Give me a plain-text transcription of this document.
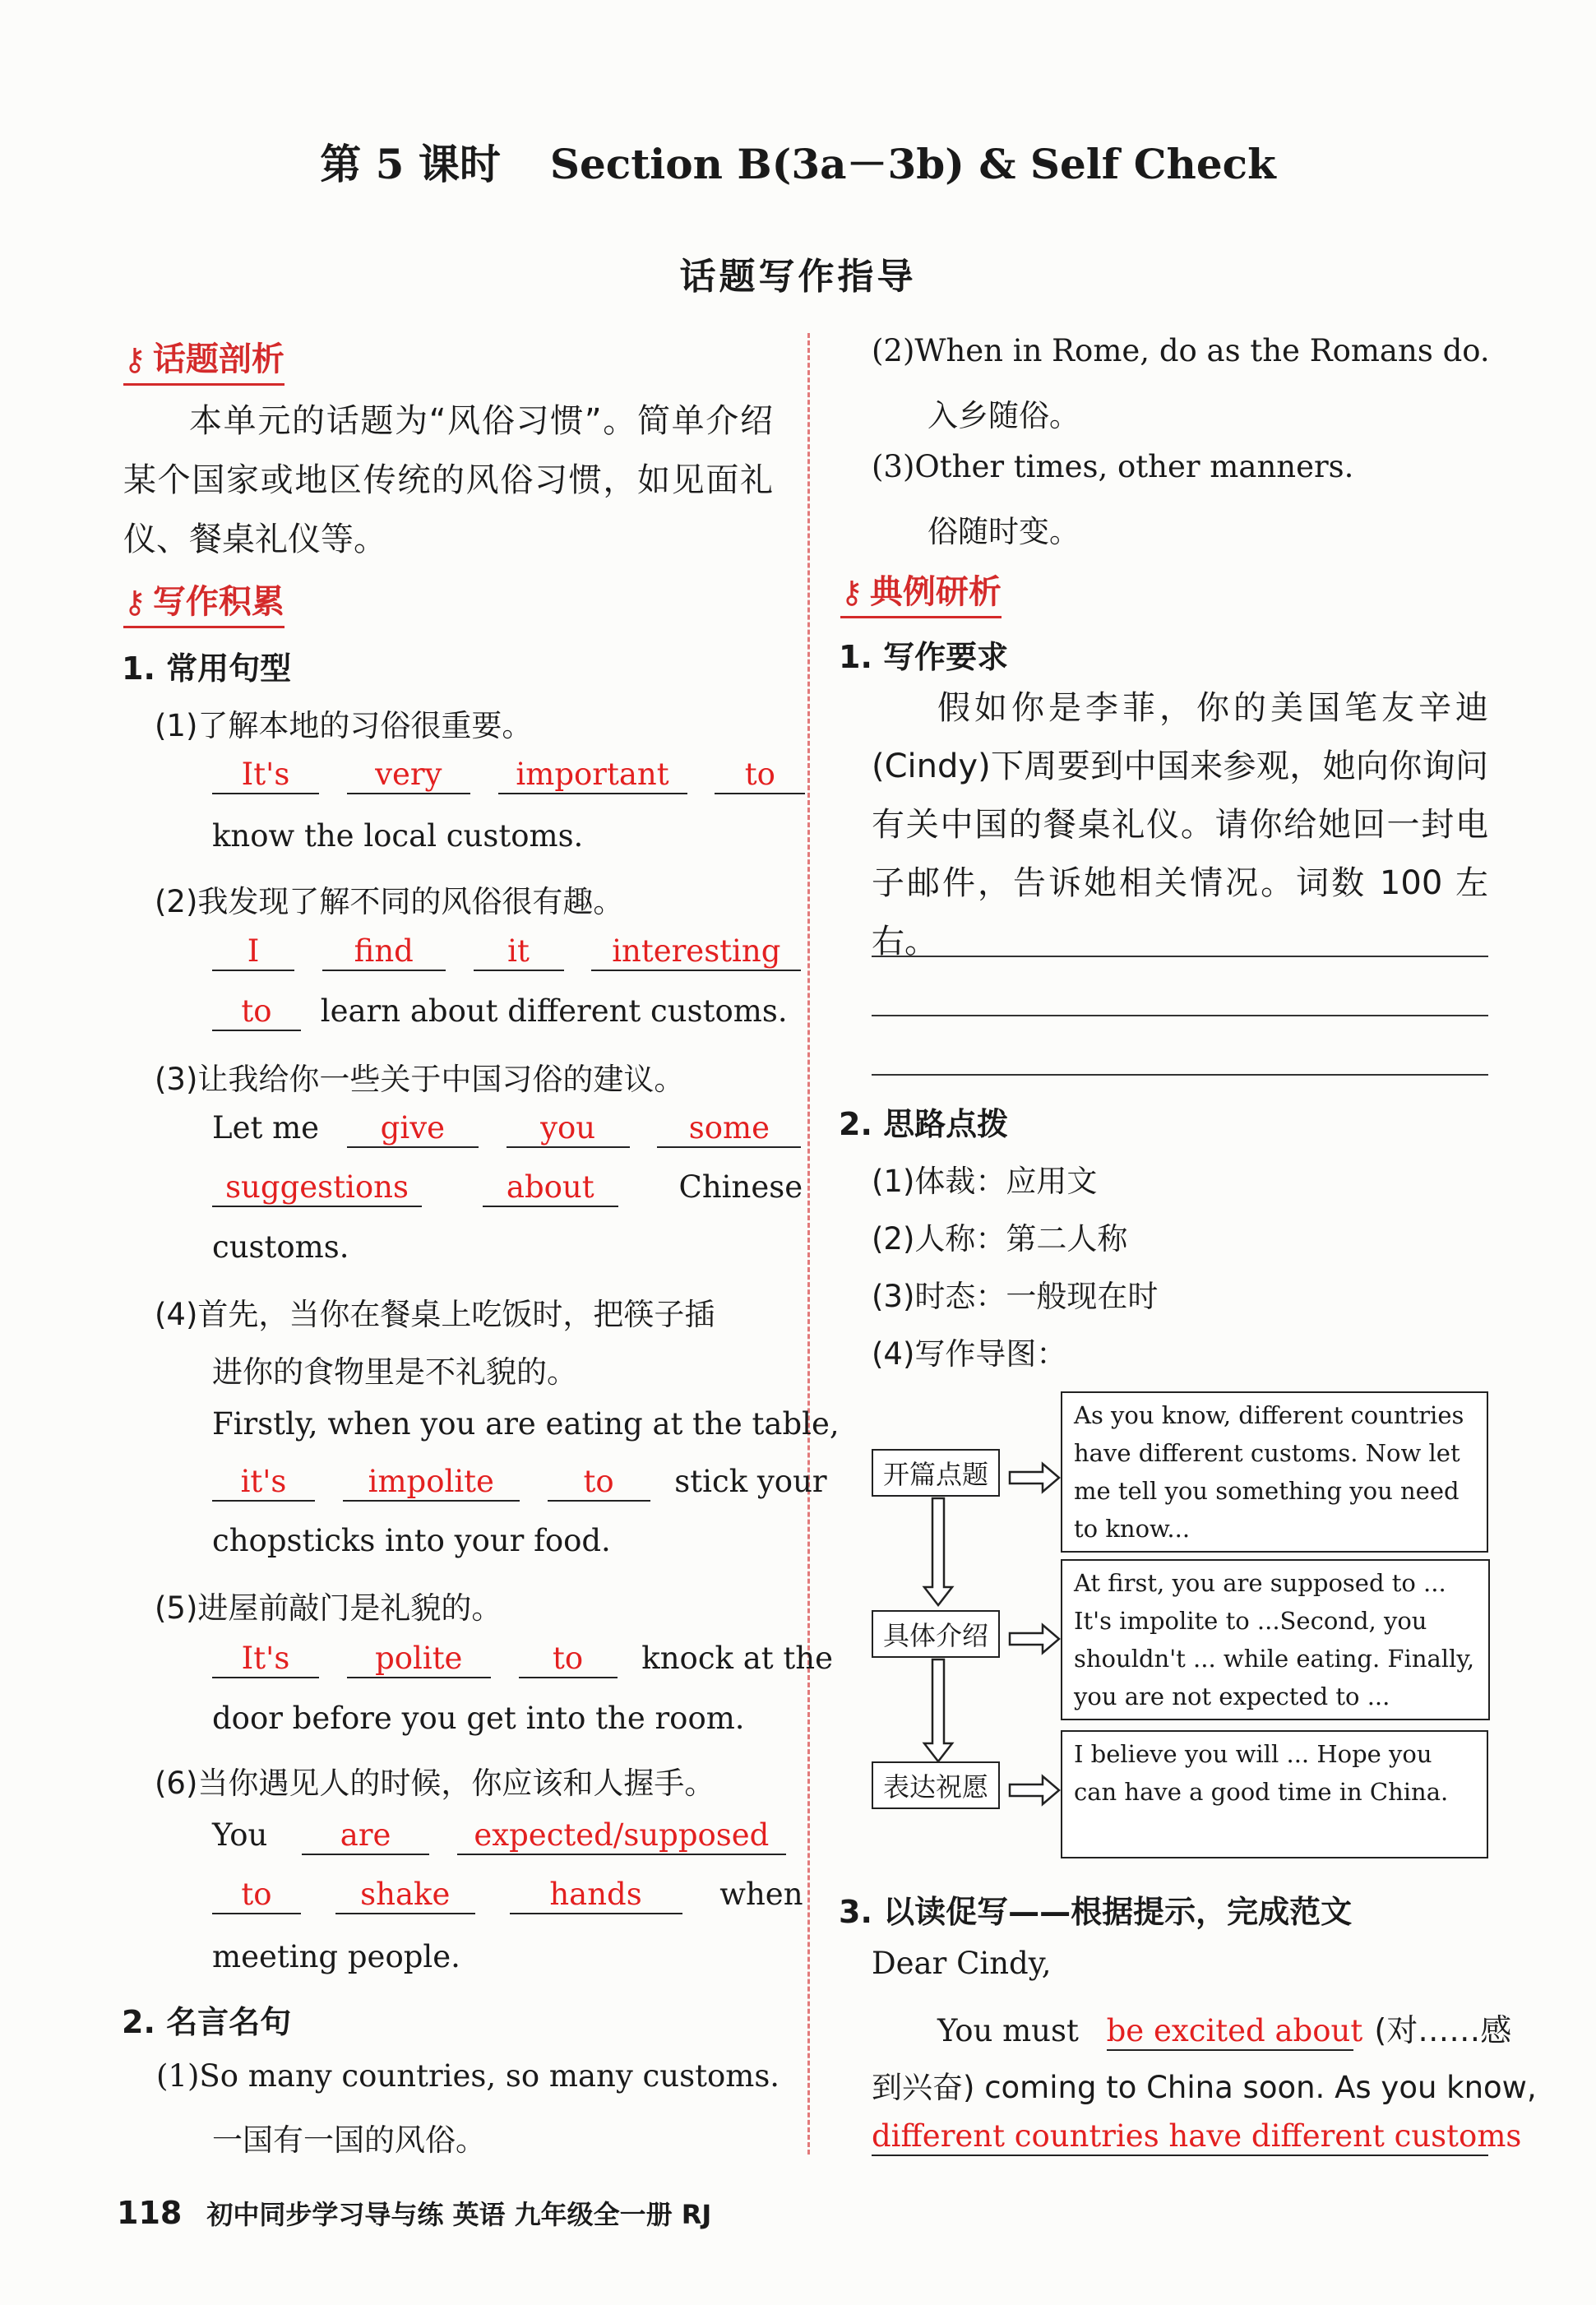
第 5 课时 Section B(3a－3b) & Self Check
话题写作指导
⚷ 话题剖析
本单元的话题为“风俗习惯”。简单介绍某个国家或地区传统的风俗习惯，如见面礼仪、餐桌礼仪等。
⚷ 写作积累
1. 常用句型
(1)了解本地的习俗很重要。
It's	very important to
know the local customs.
(2)我发现了解不同的风俗很有趣。
I	find	it	interesting
to learn about different customs.
(3)让我给你一些关于中国习俗的建议。
Let me give	you	some
suggestions	about	Chinese
customs.
(4)首先，当你在餐桌上吃饭时，把筷子插
进你的食物里是不礼貌的。
Firstly, when you are eating at the table,
it's	impolite	to stick your
chopsticks into your food.
(5)进屋前敲门是礼貌的。
It's	polite	to knock at the
door before you get into the room.
(6)当你遇见人的时候，你应该和人握手。
You are	expected/supposed
to	shake	hands	when
meeting people.
2. 名言名句
(1)So many countries, so many customs.
一国有一国的风俗。
(2)When in Rome, do as the Romans do.
入乡随俗。
(3)Other times, other manners.
俗随时变。
⚷ 典例研析
1. 写作要求
假如你是李菲，你的美国笔友辛迪(Cindy)下周要到中国来参观，她向你询问有关中国的餐桌礼仪。请你给她回一封电子邮件，告诉她相关情况。词数 100 左右。
2. 思路点拨
(1)体裁：应用文
(2)人称：第二人称
(3)时态：一般现在时
(4)写作导图：
开篇点题
具体介绍
表达祝愿
As you know, different countries have different customs. Now let me tell you something you need to know...
At first, you are supposed to ... It's impolite to ...Second, you shouldn't ... while eating. Finally, you are not expected to ...
I believe you will ... Hope you can have a good time in China.
3. 以读促写——根据提示，完成范文
Dear Cindy,
You must be excited about (对……感
到兴奋) coming to China soon. As you know,
different countries have different customs
118 初中同步学习导与练 英语 九年级全一册 RJ
